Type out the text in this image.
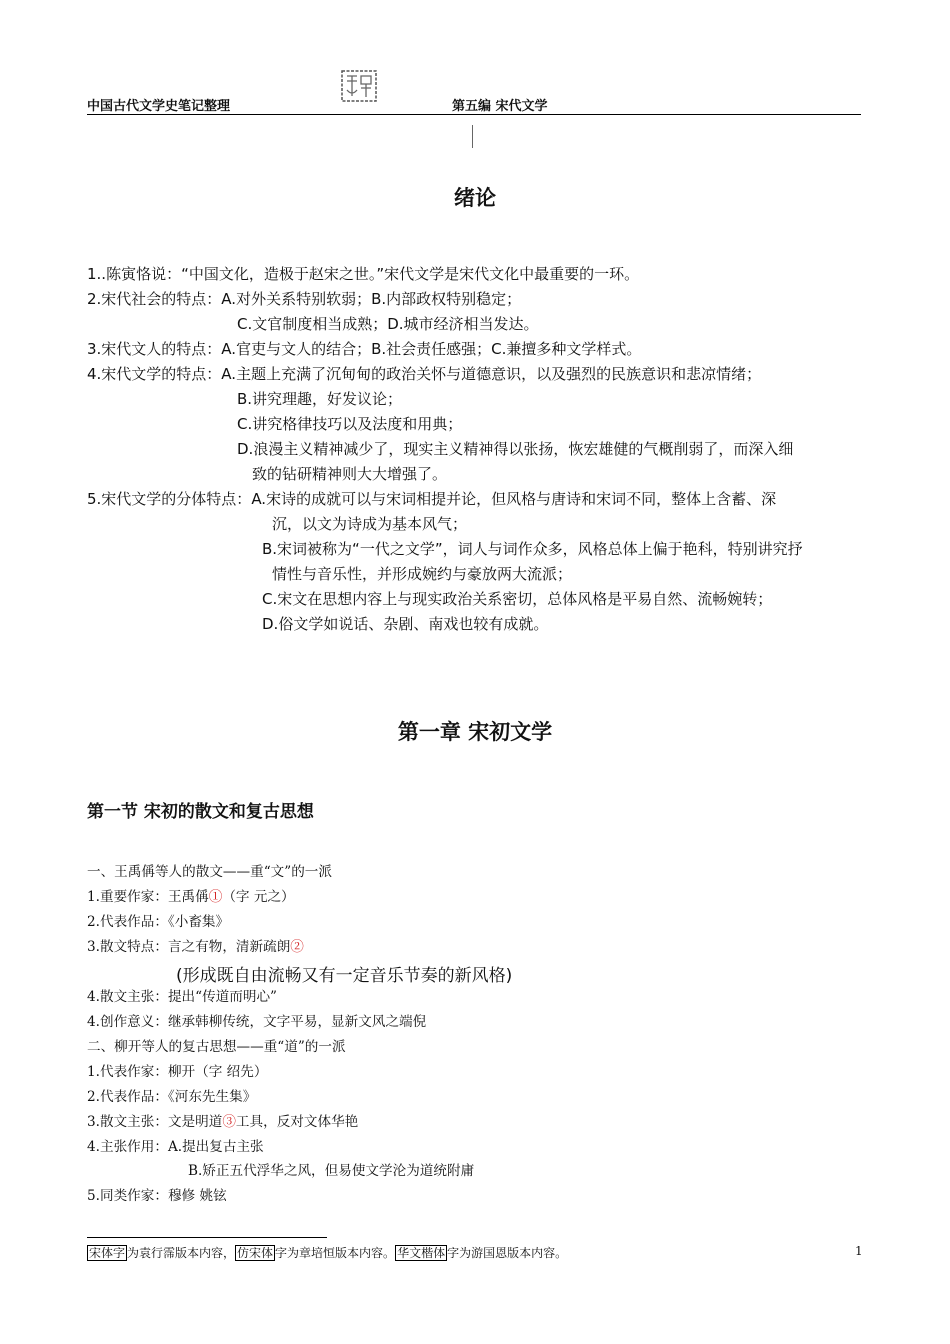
中国古代文学史笔记整理	第五编 宋代文学
绪论
1..陈寅恪说：“中国文化，造极于赵宋之世。”宋代文学是宋代文化中最重要的一环。
2.宋代社会的特点：A.对外关系特别软弱；B.内部政权特别稳定；
C.文官制度相当成熟；D.城市经济相当发达。
3.宋代文人的特点：A.官吏与文人的结合；B.社会责任感强；C.兼擅多种文学样式。
4.宋代文学的特点：A.主题上充满了沉甸甸的政治关怀与道德意识，以及强烈的民族意识和悲凉情绪；
B.讲究理趣，好发议论；
C.讲究格律技巧以及法度和用典；
D.浪漫主义精神减少了，现实主义精神得以张扬，恢宏雄健的气概削弱了，而深入细
致的钻研精神则大大增强了。
5.宋代文学的分体特点：A.宋诗的成就可以与宋词相提并论，但风格与唐诗和宋词不同，整体上含蓄、深
沉，以文为诗成为基本风气；
B.宋词被称为“一代之文学”，词人与词作众多，风格总体上偏于艳科，特别讲究抒
情性与音乐性，并形成婉约与豪放两大流派；
C.宋文在思想内容上与现实政治关系密切，总体风格是平易自然、流畅婉转；
D.俗文学如说话、杂剧、南戏也较有成就。
第一章 宋初文学
第一节 宋初的散文和复古思想
一、王禹偁等人的散文——重“文”的一派
1.重要作家：王禹偁①（字 元之）
2.代表作品：《小畜集》
3.散文特点：言之有物，清新疏朗②
(形成既自由流畅又有一定音乐节奏的新风格)
4.散文主张：提出“传道而明心”
4.创作意义：继承韩柳传统，文字平易，显新文风之端倪
二、柳开等人的复古思想——重“道”的一派
1.代表作家：柳开（字 绍先）
2.代表作品：《河东先生集》
3.散文主张：文是明道③工具，反对文体华艳
4.主张作用：A.提出复古主张
B.矫正五代浮华之风，但易使文学沦为道统附庸
5.同类作家：穆修 姚铉
宋体字 为袁行霈版本内容， 仿宋体 字为章培恒版本内容。 华文楷体 字为游国恩版本内容。	1
